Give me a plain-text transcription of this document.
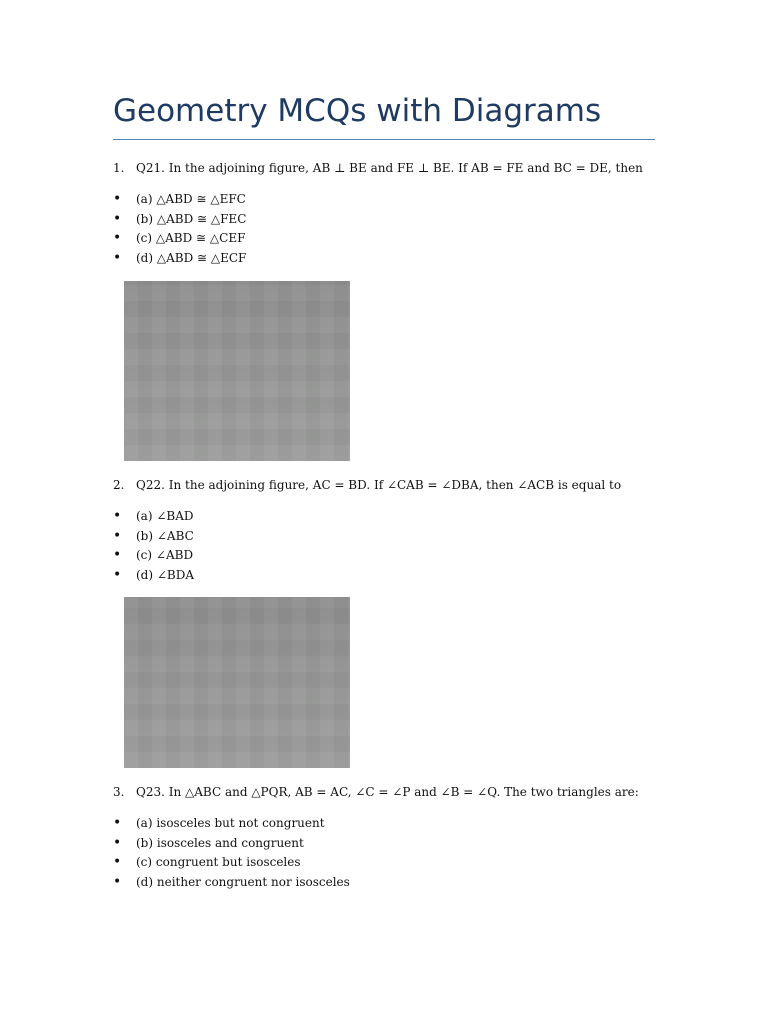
Geometry MCQs with Diagrams
1. Q21. In the adjoining figure, AB ⊥ BE and FE ⊥ BE. If AB = FE and BC = DE, then
• (a) △ABD ≅ △EFC
• (b) △ABD ≅ △FEC
• (c) △ABD ≅ △CEF
• (d) △ABD ≅ △ECF
2. Q22. In the adjoining figure, AC = BD. If ∠CAB = ∠DBA, then ∠ACB is equal to
• (a) ∠BAD
• (b) ∠ABC
• (c) ∠ABD
• (d) ∠BDA
3. Q23. In △ABC and △PQR, AB = AC, ∠C = ∠P and ∠B = ∠Q. The two triangles are:
• (a) isosceles but not congruent
• (b) isosceles and congruent
• (c) congruent but isosceles
• (d) neither congruent nor isosceles
